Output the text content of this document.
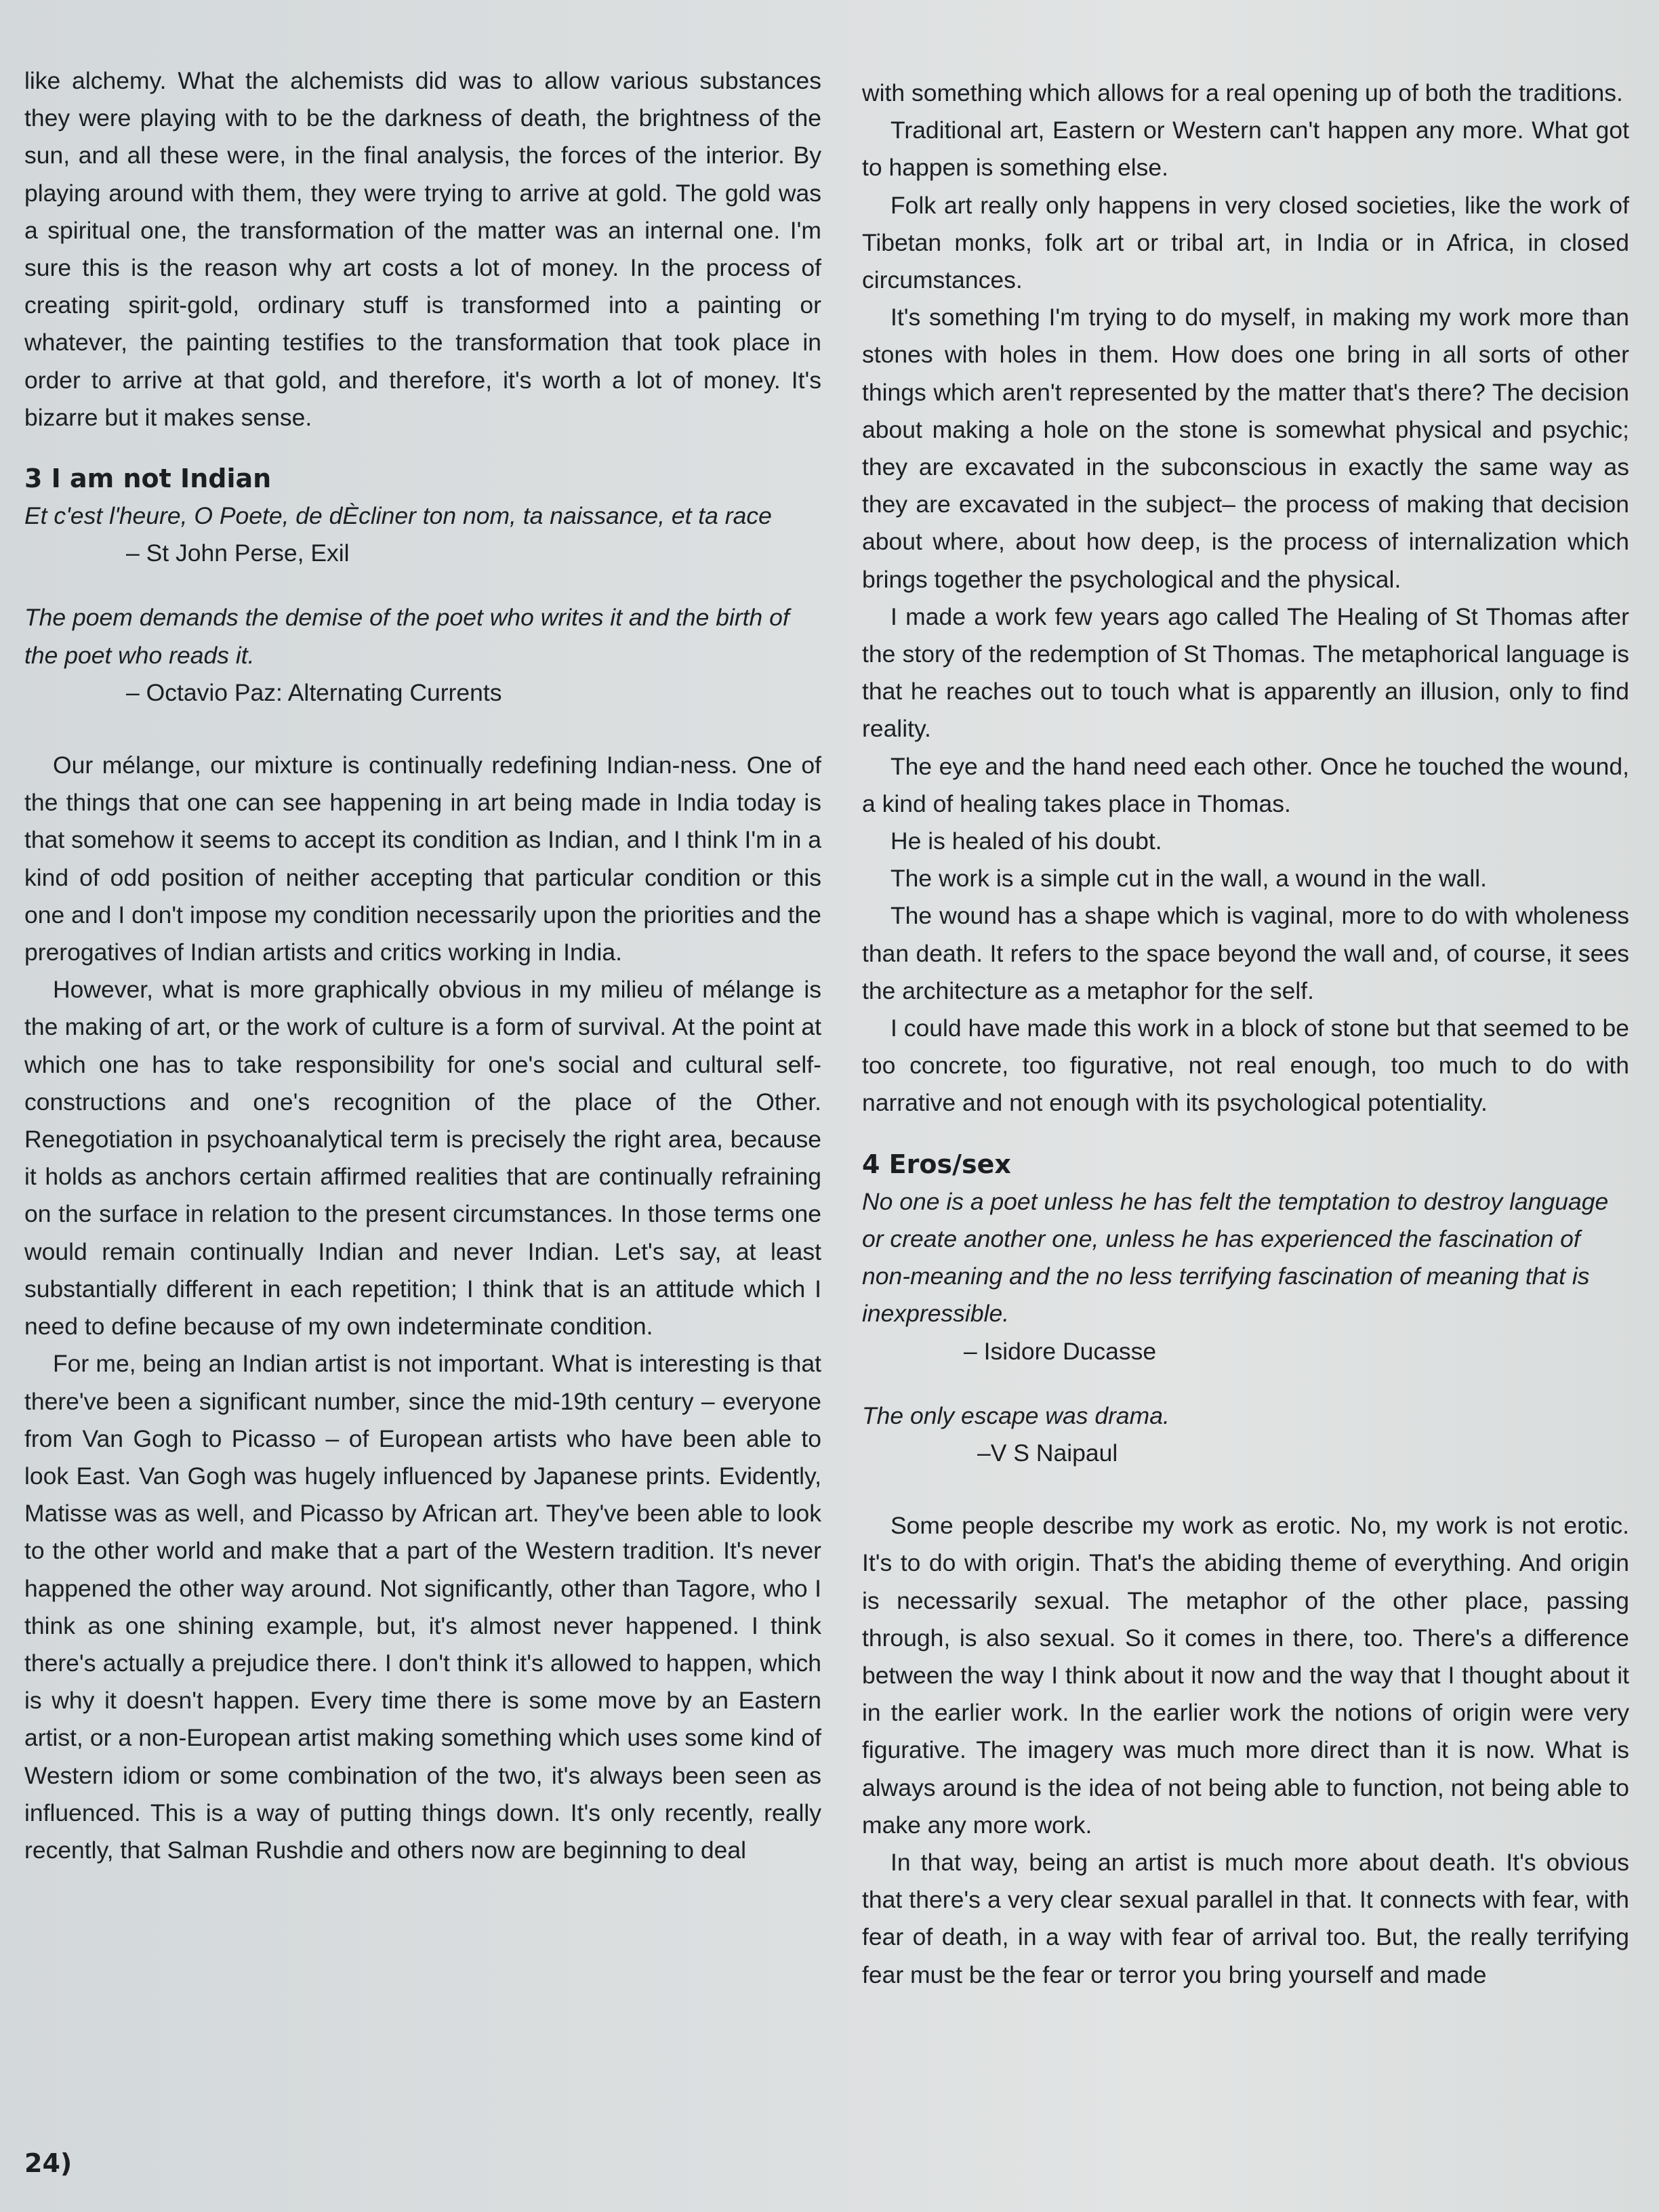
like alchemy. What the alchemists did was to allow various substances they were playing with to be the darkness of death, the brightness of the sun, and all these were, in the final analysis, the forces of the interior. By playing around with them, they were trying to arrive at gold. The gold was a spiritual one, the transformation of the matter was an internal one. I'm sure this is the reason why art costs a lot of money. In the process of creating spirit-gold, ordinary stuff is transformed into a painting or whatever, the painting testifies to the transformation that took place in order to arrive at that gold, and therefore, it's worth a lot of money. It's bizarre but it makes sense.

3 I am not Indian

Et c'est l'heure, O Poete, de dÈcliner ton nom, ta naissance, et ta race

– St John Perse, Exil

The poem demands the demise of the poet who writes it and the birth of the poet who reads it.

– Octavio Paz: Alternating Currents

Our mélange, our mixture is continually redefining Indian-ness. One of the things that one can see happening in art being made in India today is that somehow it seems to accept its condition as Indian, and I think I'm in a kind of odd position of neither accepting that particular condition or this one and I don't impose my condition necessarily upon the priorities and the prerogatives of Indian artists and critics working in India.

However, what is more graphically obvious in my milieu of mélange is the making of art, or the work of culture is a form of survival. At the point at which one has to take responsibility for one's social and cultural self-constructions and one's recognition of the place of the Other. Renegotiation in psychoanalytical term is precisely the right area, because it holds as anchors certain affirmed realities that are continually refraining on the surface in relation to the present circumstances. In those terms one would remain continually Indian and never Indian. Let's say, at least substantially different in each repetition; I think that is an attitude which I need to define because of my own indeterminate condition.

For me, being an Indian artist is not important. What is interesting is that there've been a significant number, since the mid-19th century – everyone from Van Gogh to Picasso – of European artists who have been able to look East. Van Gogh was hugely influenced by Japanese prints. Evidently, Matisse was as well, and Picasso by African art. They've been able to look to the other world and make that a part of the Western tradition. It's never happened the other way around. Not significantly, other than Tagore, who I think as one shining example, but, it's almost never happened. I think there's actually a prejudice there. I don't think it's allowed to happen, which is why it doesn't happen. Every time there is some move by an Eastern artist, or a non-European artist making something which uses some kind of Western idiom or some combination of the two, it's always been seen as influenced. This is a way of putting things down. It's only recently, really recently, that Salman Rushdie and others now are beginning to deal

with something which allows for a real opening up of both the traditions.

Traditional art, Eastern or Western can't happen any more. What got to happen is something else.

Folk art really only happens in very closed societies, like the work of Tibetan monks, folk art or tribal art, in India or in Africa, in closed circumstances.

It's something I'm trying to do myself, in making my work more than stones with holes in them. How does one bring in all sorts of other things which aren't represented by the matter that's there? The decision about making a hole on the stone is somewhat physical and psychic; they are excavated in the subconscious in exactly the same way as they are excavated in the subject– the process of making that decision about where, about how deep, is the process of internalization which brings together the psychological and the physical.

I made a work few years ago called The Healing of St Thomas after the story of the redemption of St Thomas. The metaphorical language is that he reaches out to touch what is apparently an illusion, only to find reality.

The eye and the hand need each other. Once he touched the wound, a kind of healing takes place in Thomas.

He is healed of his doubt.

The work is a simple cut in the wall, a wound in the wall.

The wound has a shape which is vaginal, more to do with wholeness than death. It refers to the space beyond the wall and, of course, it sees the architecture as a metaphor for the self.

I could have made this work in a block of stone but that seemed to be too concrete, too figurative, not real enough, too much to do with narrative and not enough with its psychological potentiality.

4 Eros/sex

No one is a poet unless he has felt the temptation to destroy language or create another one, unless he has experienced the fascination of non-meaning and the no less terrifying fascination of meaning that is inexpressible.

– Isidore Ducasse

The only escape was drama.

–V S Naipaul

Some people describe my work as erotic. No, my work is not erotic. It's to do with origin. That's the abiding theme of everything. And origin is necessarily sexual. The metaphor of the other place, passing through, is also sexual. So it comes in there, too. There's a difference between the way I think about it now and the way that I thought about it in the earlier work. In the earlier work the notions of origin were very figurative. The imagery was much more direct than it is now. What is always around is the idea of not being able to function, not being able to make any more work.

In that way, being an artist is much more about death. It's obvious that there's a very clear sexual parallel in that. It connects with fear, with fear of death, in a way with fear of arrival too. But, the really terrifying fear must be the fear or terror you bring yourself and made

24)
